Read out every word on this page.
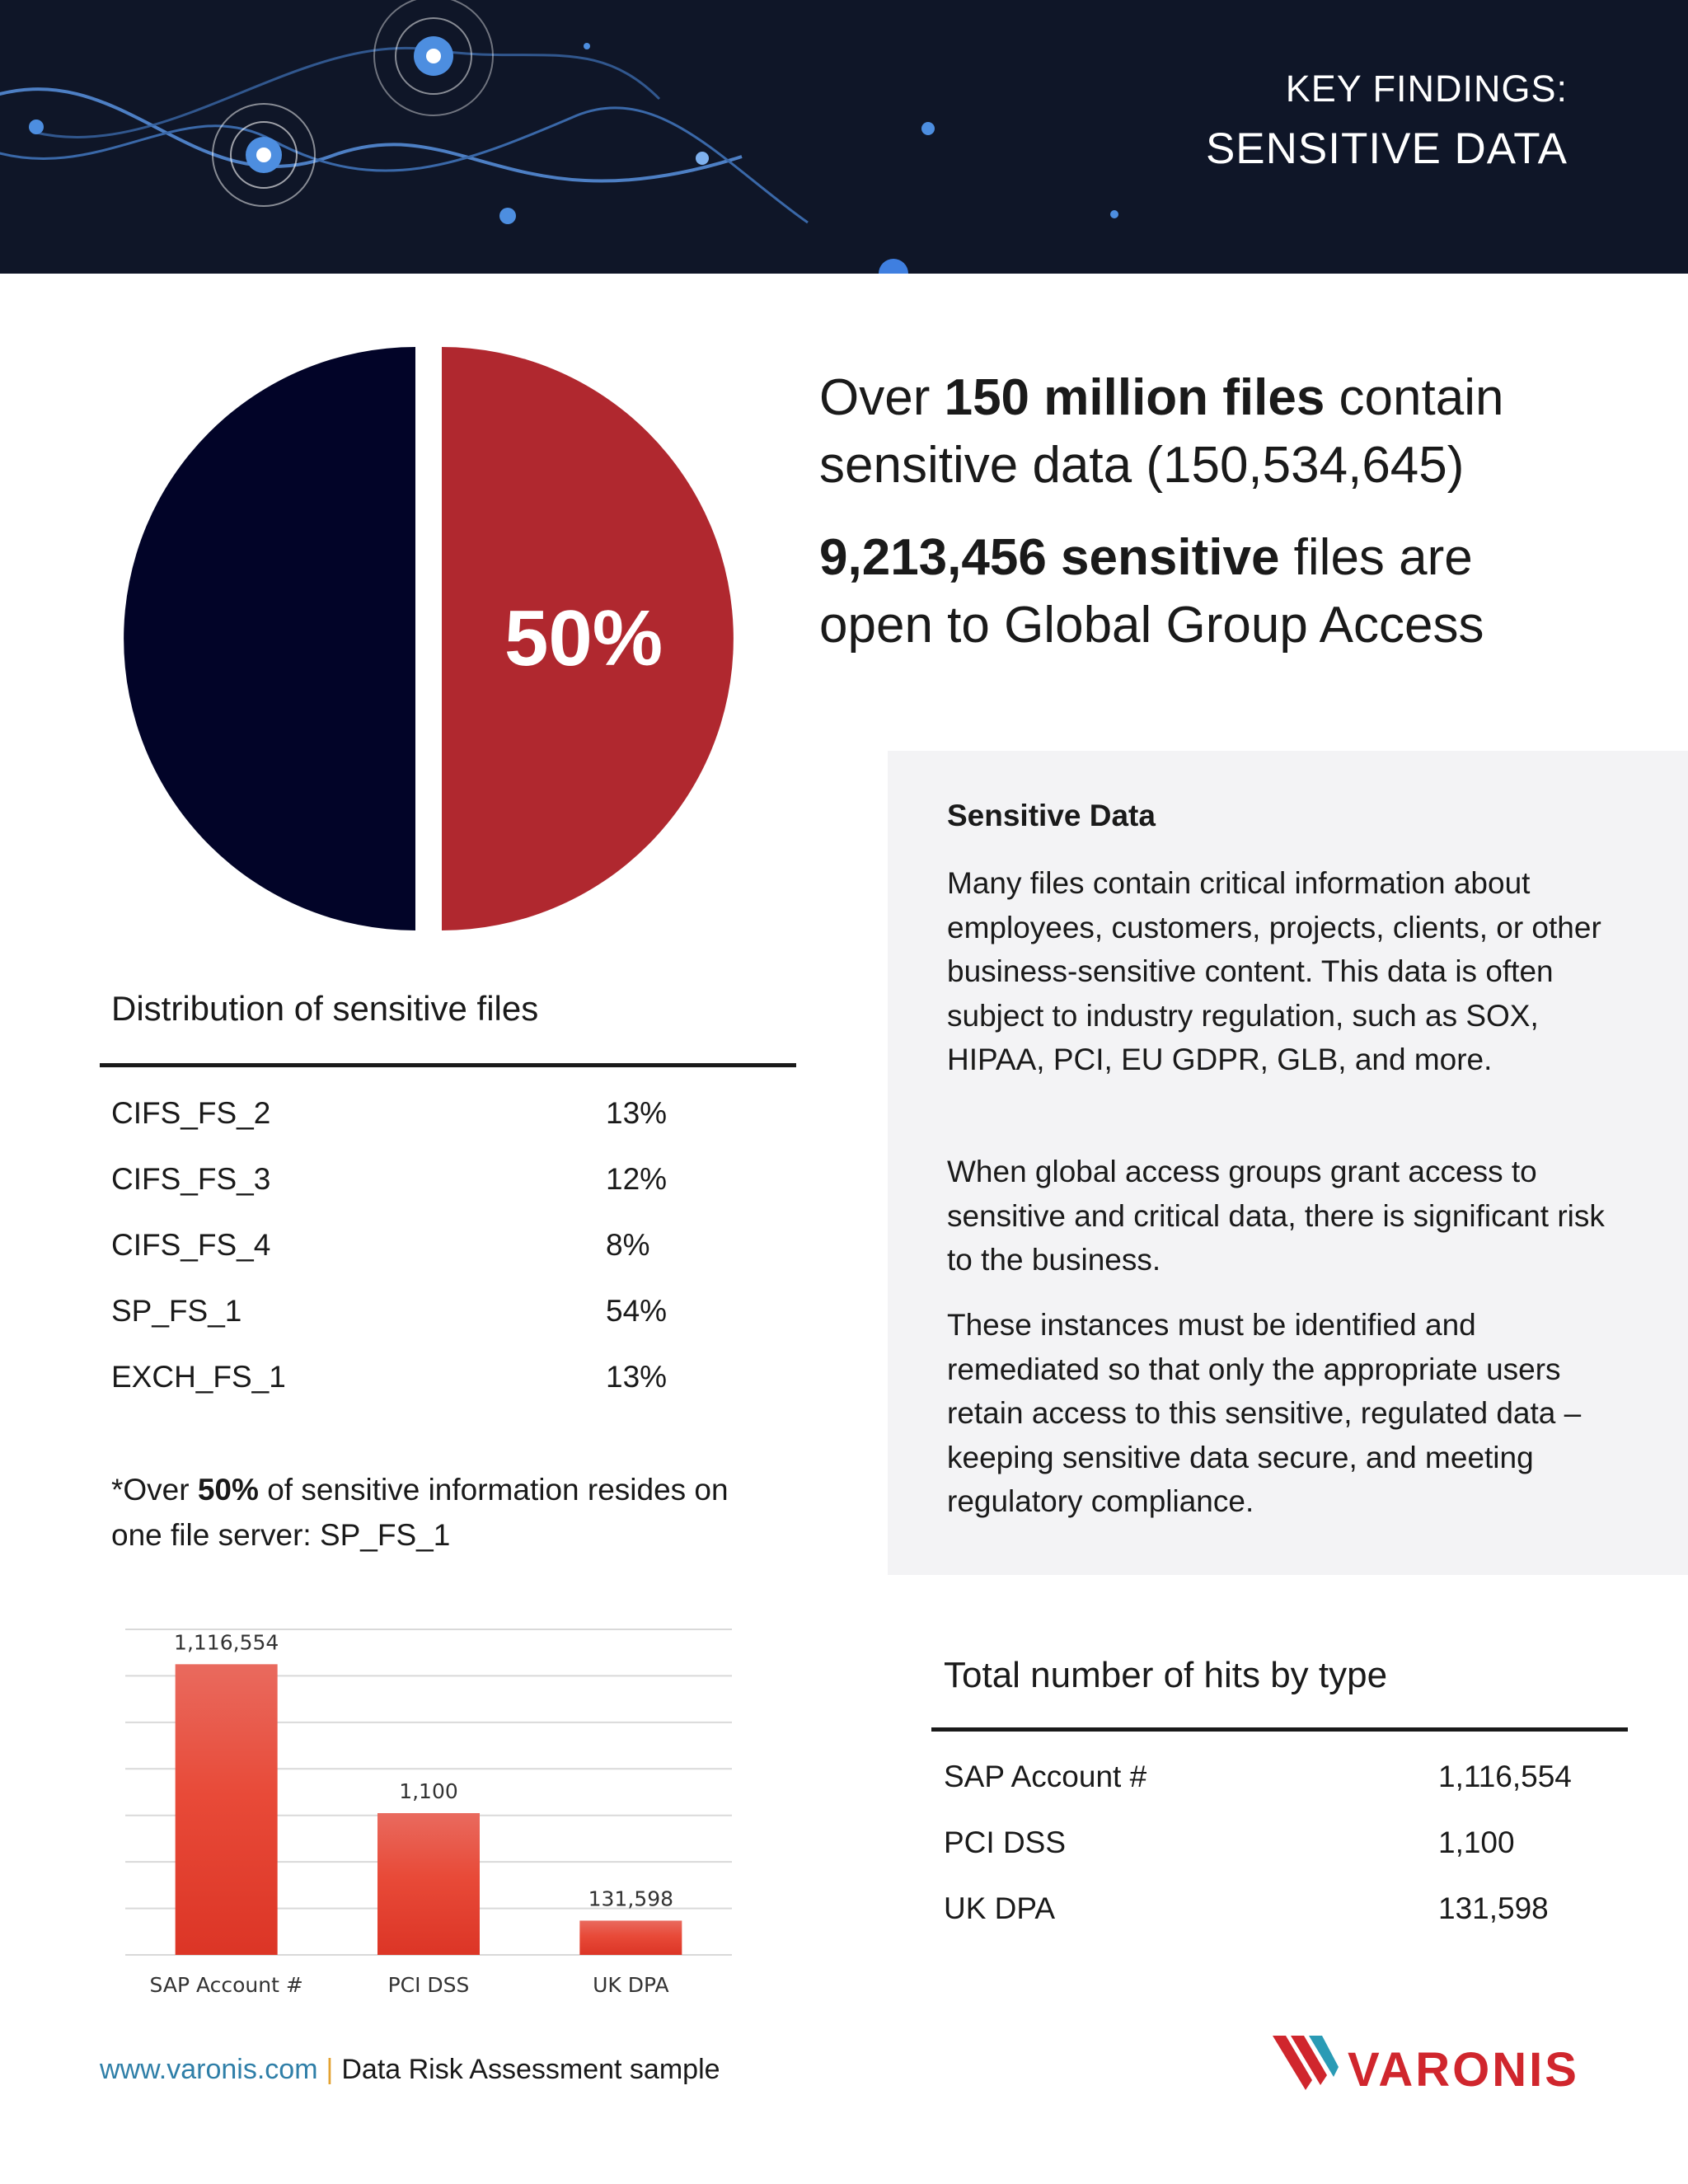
KEY FINDINGS:
SENSITIVE DATA
50%
Over 150 million files contain
sensitive data (150,534,645)
9,213,456 sensitive files are
open to Global Group Access
Sensitive Data
Many files contain critical information about employees, customers, projects, clients, or other business-sensitive content. This data is often subject to industry regulation, such as SOX, HIPAA, PCI, EU GDPR, GLB, and more.
When global access groups grant access to sensitive and critical data, there is significant risk to the business.
These instances must be identified and remediated so that only the appropriate users retain access to this sensitive, regulated data – keeping sensitive data secure, and meeting regulatory compliance.
Distribution of sensitive files
CIFS_FS_2	13%
CIFS_FS_3	12%
CIFS_FS_4	8%
SP_FS_1	54%
EXCH_FS_1	13%
*Over 50% of sensitive information resides on one file server: SP_FS_1
1,116,554
SAP Account #
1,100
PCI DSS
131,598
UK DPA
Total number of hits by type
SAP Account #	1,116,554
PCI DSS	1,100
UK DPA	131,598
www.varonis.com | Data Risk Assessment sample	VARONIS
